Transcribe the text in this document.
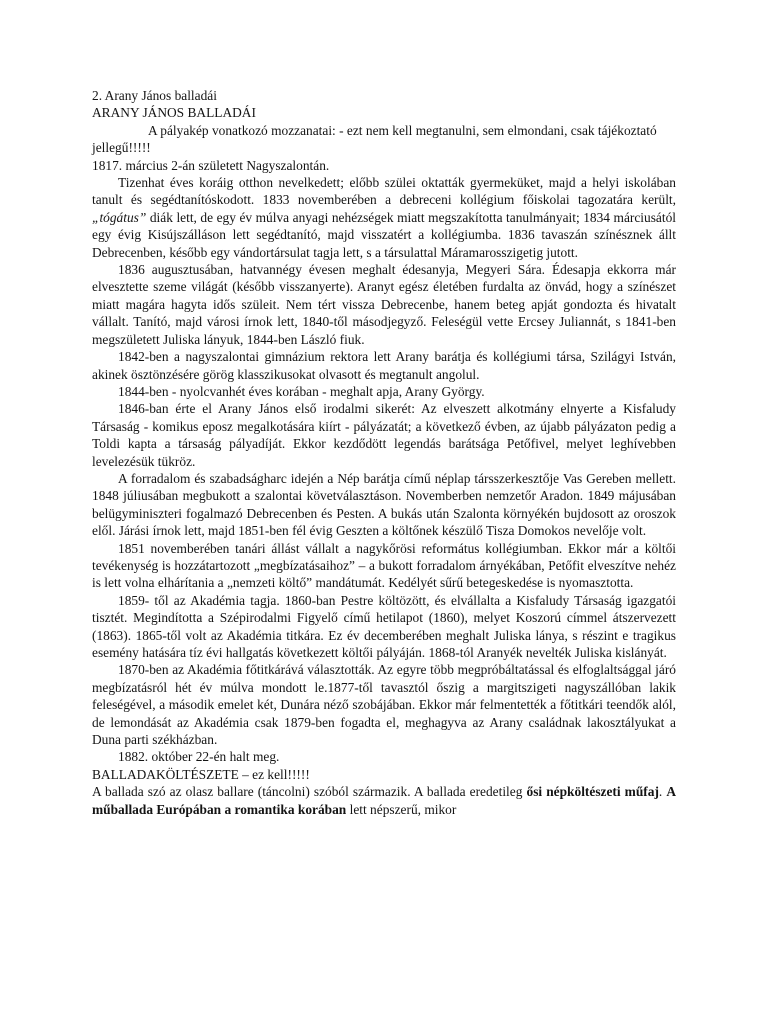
2. Arany János balladái

ARANY JÁNOS BALLADÁI

A pályakép vonatkozó mozzanatai: - ezt nem kell megtanulni, sem elmondani, csak tájékoztató jellegű!!!!!

1817. március 2-án született Nagyszalontán.

Tizenhat éves koráig otthon nevelkedett; előbb szülei oktatták gyermeküket, majd a helyi iskolában tanult és segédtanítóskodott. 1833 novemberében a debreceni kollégium főiskolai tagozatára került, „tógátus” diák lett, de egy év múlva anyagi nehézségek miatt megszakította tanulmányait; 1834 márciusától egy évig Kisújszálláson lett segédtanító, majd visszatért a kollégiumba. 1836 tavaszán színésznek állt Debrecenben, később egy vándortársulat tagja lett, s a társulattal Máramarosszigetig jutott.

1836 augusztusában, hatvannégy évesen meghalt édesanyja, Megyeri Sára. Édesapja ekkorra már elvesztette szeme világát (később visszanyerte). Aranyt egész életében furdalta az önvád, hogy a színészet miatt magára hagyta idős szüleit. Nem tért vissza Debrecenbe, hanem beteg apját gondozta és hivatalt vállalt. Tanító, majd városi írnok lett, 1840-től másodjegyző. Feleségül vette Ercsey Juliannát, s 1841-ben megszületett Juliska lányuk, 1844-ben László fiuk.

1842-ben a nagyszalontai gimnázium rektora lett Arany barátja és kollégiumi társa, Szilágyi István, akinek ösztönzésére görög klasszikusokat olvasott és megtanult angolul.

1844-ben - nyolcvanhét éves korában - meghalt apja, Arany György.

1846-ban érte el Arany János első irodalmi sikerét: Az elveszett alkotmány elnyerte a Kisfaludy Társaság - komikus eposz megalkotására kiírt - pályázatát; a következő évben, az újabb pályázaton pedig a Toldi kapta a társaság pályadíját. Ekkor kezdődött legendás barátsága Petőfivel, melyet leghívebben levelezésük tükröz.

A forradalom és szabadságharc idején a Nép barátja című néplap társszerkesztője Vas Gereben mellett. 1848 júliusában megbukott a szalontai követválasztáson. Novemberben nemzetőr Aradon. 1849 májusában belügyminiszteri fogalmazó Debrecenben és Pesten. A bukás után Szalonta környékén bujdosott az oroszok elől. Járási írnok lett, majd 1851-ben fél évig Geszten a költőnek készülő Tisza Domokos nevelője volt.

1851 novemberében tanári állást vállalt a nagykőrösi református kollégiumban. Ekkor már a költői tevékenység is hozzátartozott „megbízatásaihoz” – a bukott forradalom árnyékában, Petőfit elveszítve nehéz is lett volna elhárítania a „nemzeti költő” mandátumát. Kedélyét sűrű betegeskedése is nyomasztotta.

1859- től az Akadémia tagja. 1860-ban Pestre költözött, és elvállalta a Kisfaludy Társaság igazgatói tisztét. Megindította a Szépirodalmi Figyelő című hetilapot (1860), melyet Koszorú címmel átszervezett (1863). 1865-től volt az Akadémia titkára. Ez év decemberében meghalt Juliska lánya, s részint e tragikus esemény hatására tíz évi hallgatás következett költői pályáján. 1868-tól Aranyék nevelték Juliska kislányát.

1870-ben az Akadémia főtitkárává választották. Az egyre több megpróbáltatással és elfoglaltsággal járó megbízatásról hét év múlva mondott le.1877-től tavasztól őszig a margitszigeti nagyszállóban lakik feleségével, a második emelet két, Dunára néző szobájában. Ekkor már felmentették a főtitkári teendők alól, de lemondását az Akadémia csak 1879-ben fogadta el, meghagyva az Arany családnak lakosztályukat a Duna parti székházban.

1882. október 22-én halt meg.

BALLADAKÖLTÉSZETE – ez kell!!!!!

A ballada szó az olasz ballare (táncolni) szóból származik. A ballada eredetileg ősi népköltészeti műfaj. A műballada Európában a romantika korában lett népszerű, mikor
